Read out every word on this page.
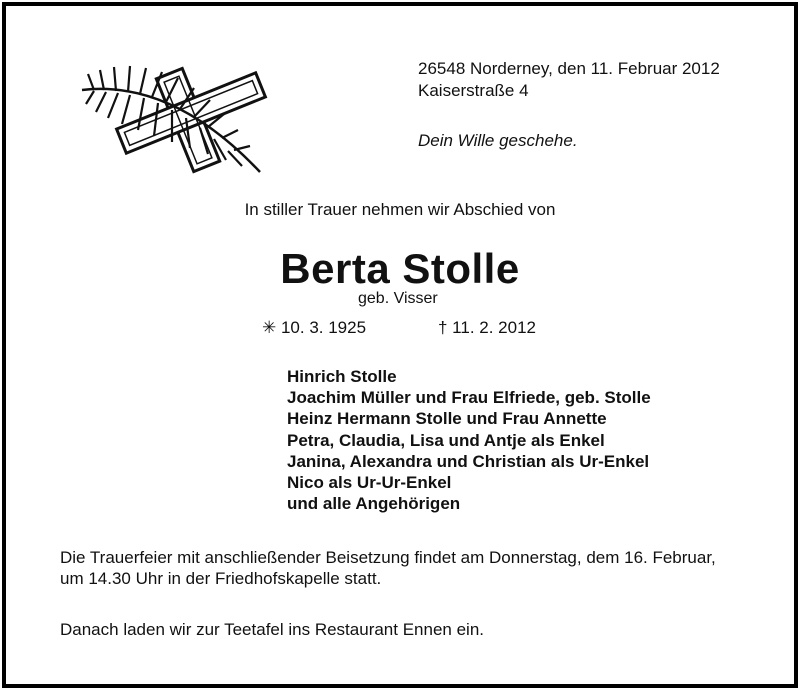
26548 Norderney, den 11. Februar 2012
Kaiserstraße 4
Dein Wille geschehe.
In stiller Trauer nehmen wir Abschied von
Berta Stolle
geb. Visser
✳ 10. 3. 1925	† 11. 2. 2012
Hinrich Stolle
Joachim Müller und Frau Elfriede, geb. Stolle
Heinz Hermann Stolle und Frau Annette
Petra, Claudia, Lisa und Antje als Enkel
Janina, Alexandra und Christian als Ur-Enkel
Nico als Ur-Ur-Enkel
und alle Angehörigen
Die Trauerfeier mit anschließender Beisetzung findet am Donnerstag, dem 16. Februar,
um 14.30 Uhr in der Friedhofskapelle statt.
Danach laden wir zur Teetafel ins Restaurant Ennen ein.
